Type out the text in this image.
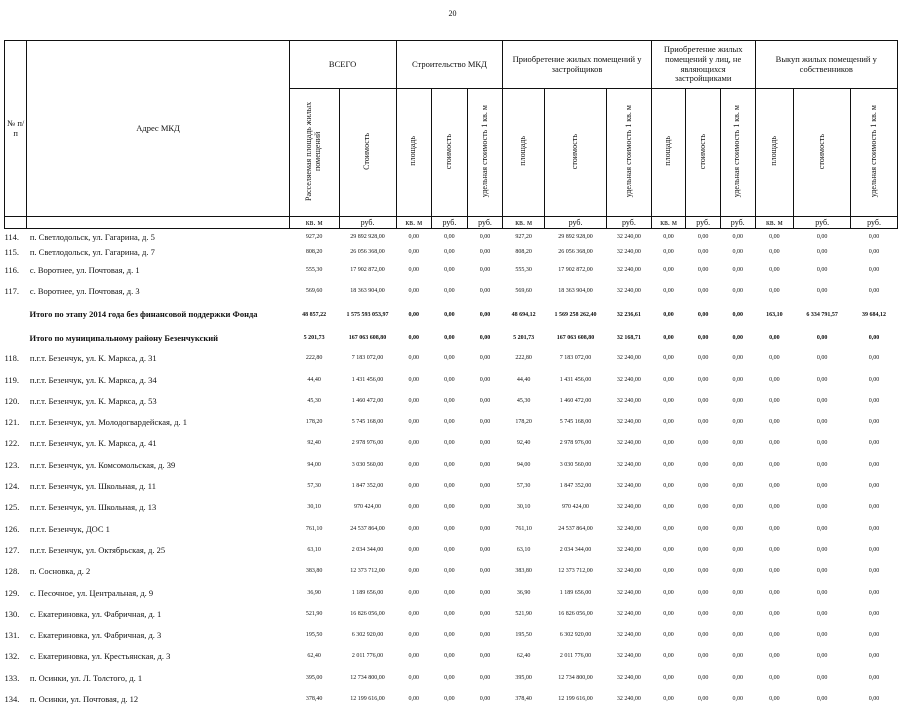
20
№ п/п	Адрес МКД	ВСЕГО		Строительство МКД			Приобретение жилых помещений у застройщиков			Приобретение жилых помещений у лиц, не являющихся застройщиками			Выкуп жилых помещений у собственников		
		Расселяемая площадь жилых помещений	Стоимость	площадь	стоимость	удельная стоимость 1 кв. м	площадь	стоимость	удельная стоимость 1 кв. м	площадь	стоимость	удельная стоимость 1 кв. м	площадь	стоимость	удельная стоимость 1 кв. м
		кв. м	руб.	кв. м	руб.	руб.	кв. м	руб.	руб.	кв. м	руб.	руб.	кв. м	руб.	руб.
114.	п. Светлодольск, ул. Гагарина, д. 5	927,20	29 892 928,00	0,00	0,00	0,00	927,20	29 892 928,00	32 240,00	0,00	0,00	0,00	0,00	0,00	0,00
115.	п. Светлодольск, ул. Гагарина, д. 7	808,20	26 056 368,00	0,00	0,00	0,00	808,20	26 056 368,00	32 240,00	0,00	0,00	0,00	0,00	0,00	0,00
116.	с. Воротнее, ул. Почтовая, д. 1	555,30	17 902 872,00	0,00	0,00	0,00	555,30	17 902 872,00	32 240,00	0,00	0,00	0,00	0,00	0,00	0,00
117.	с. Воротнее, ул. Почтовая, д. 3	569,60	18 363 904,00	0,00	0,00	0,00	569,60	18 363 904,00	32 240,00	0,00	0,00	0,00	0,00	0,00	0,00
Итого по этапу 2014 года без финансовой поддержки Фонда		48 857,22	1 575 593 053,97	0,00	0,00	0,00	48 694,12	1 569 258 262,40	32 236,61	0,00	0,00	0,00	163,10	6 334 791,57	39 684,12
Итого по муниципальному району Безенчукский		5 201,73	167 063 608,80	0,00	0,00	0,00	5 201,73	167 063 608,80	32 168,71	0,00	0,00	0,00	0,00	0,00	0,00
118.	п.г.т. Безенчук, ул. К. Маркса, д. 31	222,80	7 183 072,00	0,00	0,00	0,00	222,80	7 183 072,00	32 240,00	0,00	0,00	0,00	0,00	0,00	0,00
119.	п.г.т. Безенчук, ул. К. Маркса, д. 34	44,40	1 431 456,00	0,00	0,00	0,00	44,40	1 431 456,00	32 240,00	0,00	0,00	0,00	0,00	0,00	0,00
120.	п.г.т. Безенчук, ул. К. Маркса, д. 53	45,30	1 460 472,00	0,00	0,00	0,00	45,30	1 460 472,00	32 240,00	0,00	0,00	0,00	0,00	0,00	0,00
121.	п.г.т. Безенчук, ул. Молодогвардейская, д. 1	178,20	5 745 168,00	0,00	0,00	0,00	178,20	5 745 168,00	32 240,00	0,00	0,00	0,00	0,00	0,00	0,00
122.	п.г.т. Безенчук, ул. К. Маркса, д. 41	92,40	2 978 976,00	0,00	0,00	0,00	92,40	2 978 976,00	32 240,00	0,00	0,00	0,00	0,00	0,00	0,00
123.	п.г.т. Безенчук, ул. Комсомольская, д. 39	94,00	3 030 560,00	0,00	0,00	0,00	94,00	3 030 560,00	32 240,00	0,00	0,00	0,00	0,00	0,00	0,00
124.	п.г.т. Безенчук, ул. Школьная, д. 11	57,30	1 847 352,00	0,00	0,00	0,00	57,30	1 847 352,00	32 240,00	0,00	0,00	0,00	0,00	0,00	0,00
125.	п.г.т. Безенчук, ул. Школьная, д. 13	30,10	970 424,00	0,00	0,00	0,00	30,10	970 424,00	32 240,00	0,00	0,00	0,00	0,00	0,00	0,00
126.	п.г.т. Безенчук, ДОС 1	761,10	24 537 864,00	0,00	0,00	0,00	761,10	24 537 864,00	32 240,00	0,00	0,00	0,00	0,00	0,00	0,00
127.	п.г.т. Безенчук, ул. Октябрьская, д. 25	63,10	2 034 344,00	0,00	0,00	0,00	63,10	2 034 344,00	32 240,00	0,00	0,00	0,00	0,00	0,00	0,00
128.	п. Сосновка, д. 2	383,80	12 373 712,00	0,00	0,00	0,00	383,80	12 373 712,00	32 240,00	0,00	0,00	0,00	0,00	0,00	0,00
129.	с. Песочное, ул. Центральная, д. 9	36,90	1 189 656,00	0,00	0,00	0,00	36,90	1 189 656,00	32 240,00	0,00	0,00	0,00	0,00	0,00	0,00
130.	с. Екатериновка, ул. Фабричная, д. 1	521,90	16 826 056,00	0,00	0,00	0,00	521,90	16 826 056,00	32 240,00	0,00	0,00	0,00	0,00	0,00	0,00
131.	с. Екатериновка, ул. Фабричная, д. 3	195,50	6 302 920,00	0,00	0,00	0,00	195,50	6 302 920,00	32 240,00	0,00	0,00	0,00	0,00	0,00	0,00
132.	с. Екатериновка, ул. Крестьянская, д. 3	62,40	2 011 776,00	0,00	0,00	0,00	62,40	2 011 776,00	32 240,00	0,00	0,00	0,00	0,00	0,00	0,00
133.	п. Осинки, ул. Л. Толстого, д. 1	395,00	12 734 800,00	0,00	0,00	0,00	395,00	12 734 800,00	32 240,00	0,00	0,00	0,00	0,00	0,00	0,00
134.	п. Осинки, ул. Почтовая, д. 12	378,40	12 199 616,00	0,00	0,00	0,00	378,40	12 199 616,00	32 240,00	0,00	0,00	0,00	0,00	0,00	0,00
